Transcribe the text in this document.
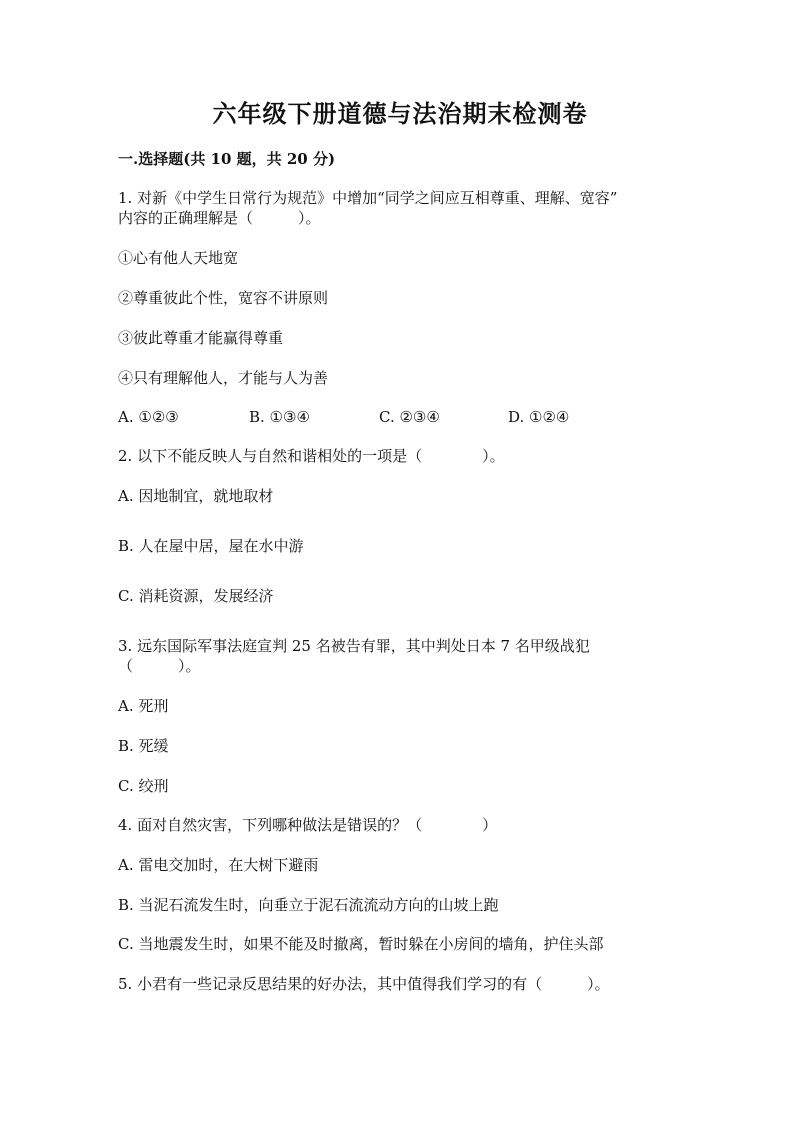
六年级下册道德与法治期末检测卷
一.选择题(共 10 题，共 20 分)
1. 对新《中学生日常行为规范》中增加“同学之间应互相尊重、理解、宽容”
内容的正确理解是（　　　）。
①心有他人天地宽
②尊重彼此个性，宽容不讲原则
③彼此尊重才能赢得尊重
④只有理解他人，才能与人为善
A. ①②③	B. ①③④	C. ②③④	D. ①②④
2. 以下不能反映人与自然和谐相处的一项是（　　　　）。
A. 因地制宜，就地取材
B. 人在屋中居，屋在水中游
C. 消耗资源，发展经济
3. 远东国际军事法庭宣判 25 名被告有罪，其中判处日本 7 名甲级战犯
（　　　）。
A. 死刑
B. 死缓
C. 绞刑
4. 面对自然灾害，下列哪种做法是错误的？（　　　　）
A. 雷电交加时，在大树下避雨
B. 当泥石流发生时，向垂立于泥石流流动方向的山坡上跑
C. 当地震发生时，如果不能及时撤离，暂时躲在小房间的墙角，护住头部
5. 小君有一些记录反思结果的好办法，其中值得我们学习的有（　　　）。
